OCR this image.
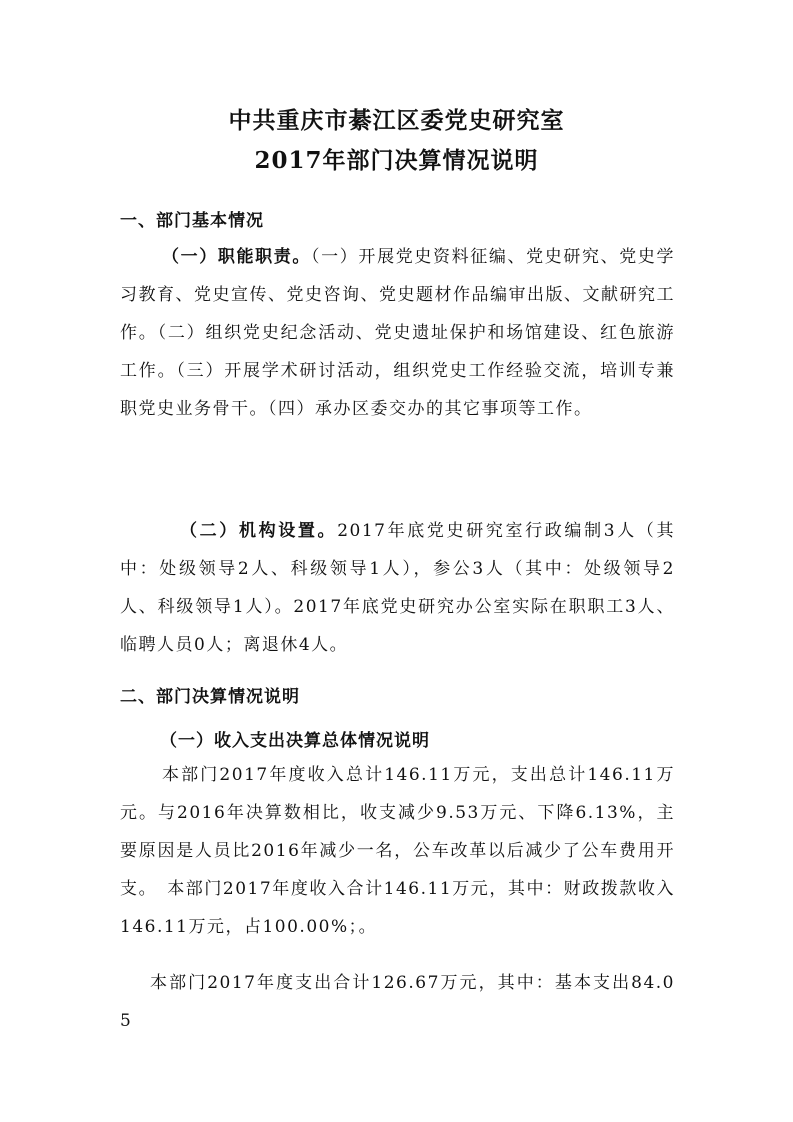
中共重庆市綦江区委党史研究室
2017年部门决算情况说明
一、部门基本情况
（一）职能职责。（一）开展党史资料征编、党史研究、党史学习教育、党史宣传、党史咨询、党史题材作品编审出版、文献研究工作。（二）组织党史纪念活动、党史遗址保护和场馆建设、红色旅游工作。（三）开展学术研讨活动，组织党史工作经验交流，培训专兼职党史业务骨干。（四）承办区委交办的其它事项等工作。
（二）机构设置。2017年底党史研究室行政编制3人（其中：处级领导2人、科级领导1人），参公3人（其中：处级领导2人、科级领导1人）。2017年底党史研究办公室实际在职职工3人、临聘人员0人；离退休4人。
二、部门决算情况说明
（一）收入支出决算总体情况说明
本部门2017年度收入总计146.11万元，支出总计146.11万元。与2016年决算数相比，收支减少9.53万元、下降6.13%，主要原因是人员比2016年减少一名，公车改革以后减少了公车费用开支。　本部门2017年度收入合计146.11万元，其中：财政拨款收入146.11万元，占100.00%；。
本部门2017年度支出合计126.67万元，其中：基本支出84.05
